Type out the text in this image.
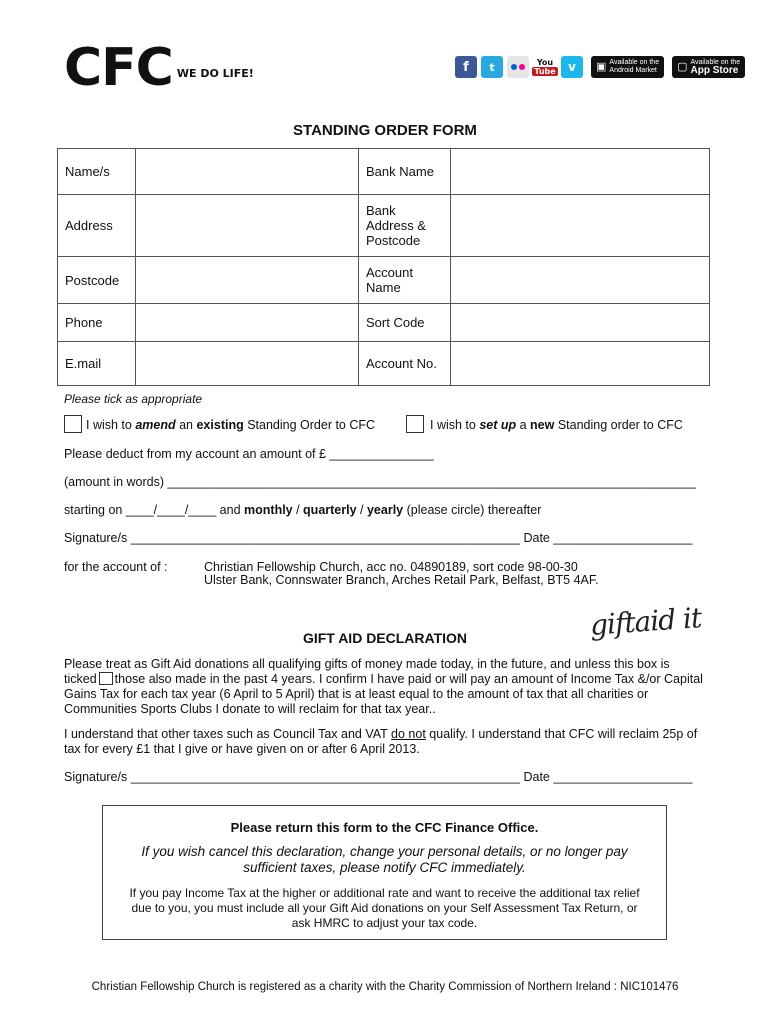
CFC WE DO LIFE!	f	t	You
Tube	v	▣ Available on the
Android Market ▢ Available on the
App Store
STANDING ORDER FORM
Name/s		Bank Name	
Address		Bank
Address &
Postcode	
Postcode		Account
Name	
Phone		Sort Code	
E.mail		Account No.	
Please tick as appropriate
I wish to amend an existing Standing Order to CFC	I wish to set up a new Standing order to CFC
Please deduct from my account an amount of £ _______________
(amount in words) ____________________________________________________________________________
starting on ____/____/____ and monthly / quarterly / yearly (please circle) thereafter
Signature/s ________________________________________________________ Date ____________________
for the account of :	Christian Fellowship Church, acc no. 04890189, sort code 98-00-30
Ulster Bank, Connswater Branch, Arches Retail Park, Belfast, BT5 4AF.
giftaid it
GIFT AID DECLARATION
Please treat as Gift Aid donations all qualifying gifts of money made today, in the future, and unless this box is ticked those also made in the past 4 years. I confirm I have paid or will pay an amount of Income Tax &/or Capital Gains Tax for each tax year (6 April to 5 April) that is at least equal to the amount of tax that all charities or Communities Sports Clubs I donate to will reclaim for that tax year..
I understand that other taxes such as Council Tax and VAT do not qualify. I understand that CFC will reclaim 25p of tax for every £1 that I give or have given on or after 6 April 2013.
Signature/s ________________________________________________________ Date ____________________
Please return this form to the CFC Finance Office.
If you wish cancel this declaration, change your personal details, or no longer pay sufficient taxes, please notify CFC immediately.
If you pay Income Tax at the higher or additional rate and want to receive the additional tax relief due to you, you must include all your Gift Aid donations on your Self Assessment Tax Return, or ask HMRC to adjust your tax code.
Christian Fellowship Church is registered as a charity with the Charity Commission of Northern Ireland : NIC101476
